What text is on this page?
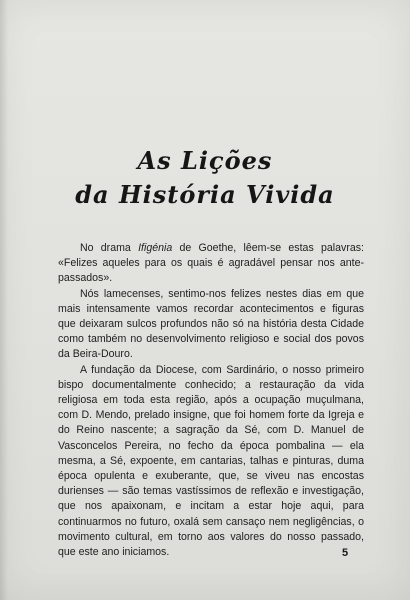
As Lições
da História Vivida

No drama Ifigénia de Goethe, lêem-se estas palavras: «Felizes aqueles para os quais é agradável pensar nos ante-passados».

Nós lamecenses, sentimo-nos felizes nestes dias em que mais intensamente vamos recordar acontecimentos e figuras que deixaram sulcos profundos não só na história desta Cidade como também no desenvolvimento religioso e social dos povos da Beira-Douro.

A fundação da Diocese, com Sardinário, o nosso primeiro bispo documentalmente conhecido; a restauração da vida religiosa em toda esta região, após a ocupação muçulmana, com D. Mendo, prelado insigne, que foi homem forte da Igreja e do Reino nascente; a sagração da Sé, com D. Manuel de Vasconcelos Pereira, no fecho da época pombalina — ela mesma, a Sé, expoente, em cantarias, talhas e pinturas, duma época opulenta e exuberante, que, se viveu nas encostas durienses — são temas vastíssimos de reflexão e investigação, que nos apaixonam, e incitam a estar hoje aqui, para continuarmos no futuro, oxalá sem cansaço nem negligências, o movimento cultural, em torno aos valores do nosso passado, que este ano iniciamos.	5
